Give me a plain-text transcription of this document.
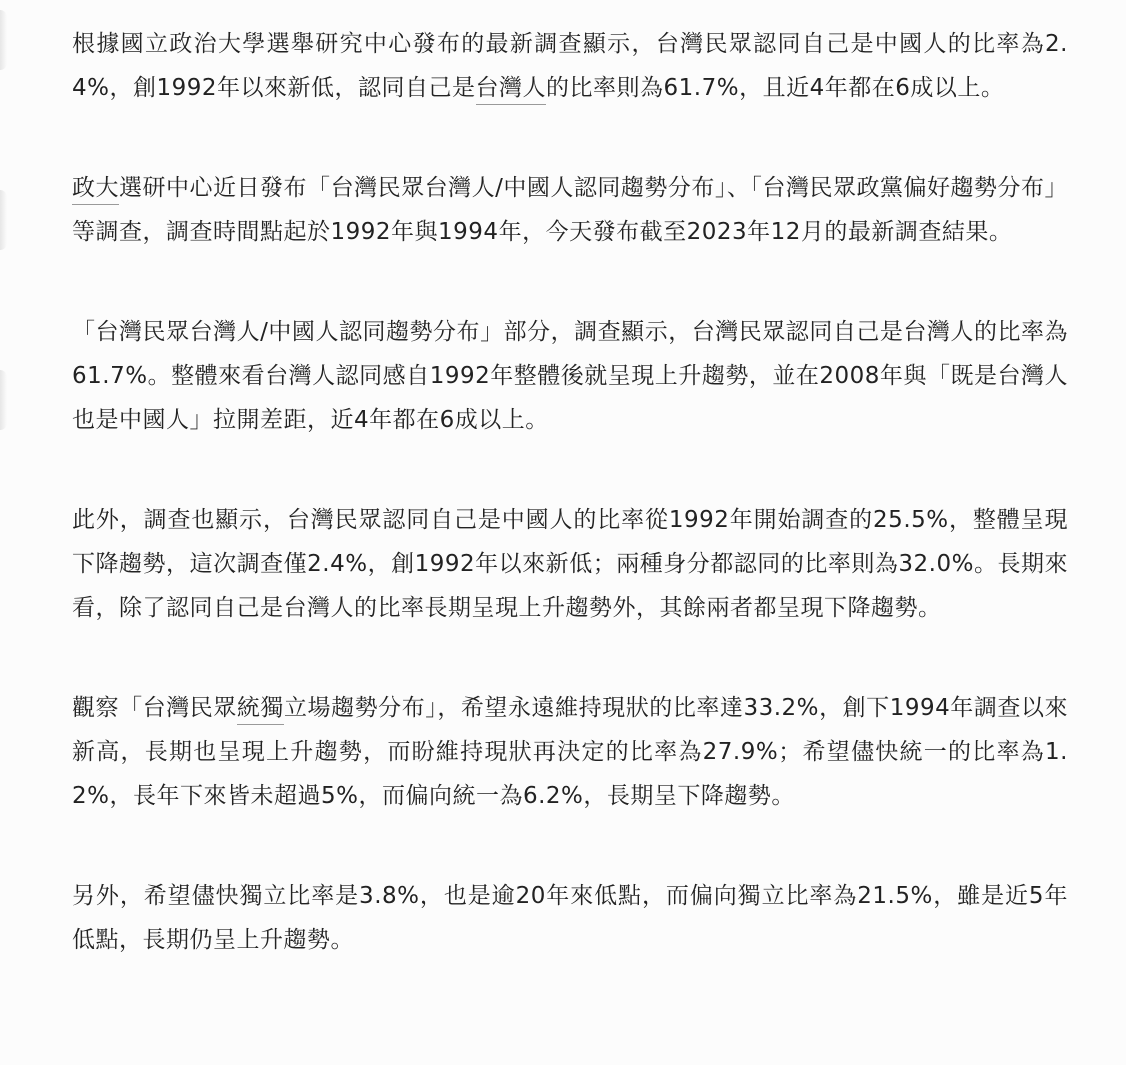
根據國立政治大學選舉研究中心發布的最新調查顯示，台灣民眾認同自己是中國人的比率為2.4%，創1992年以來新低，認同自己是台灣人的比率則為61.7%，且近4年都在6成以上。

政大選研中心近日發布「台灣民眾台灣人/中國人認同趨勢分布」、「台灣民眾政黨偏好趨勢分布」等調查，調查時間點起於1992年與1994年，今天發布截至2023年12月的最新調查結果。

「台灣民眾台灣人/中國人認同趨勢分布」部分，調查顯示，台灣民眾認同自己是台灣人的比率為61.7%。整體來看台灣人認同感自1992年整體後就呈現上升趨勢，並在2008年與「既是台灣人也是中國人」拉開差距，近4年都在6成以上。

此外，調查也顯示，台灣民眾認同自己是中國人的比率從1992年開始調查的25.5%，整體呈現下降趨勢，這次調查僅2.4%，創1992年以來新低；兩種身分都認同的比率則為32.0%。長期來看，除了認同自己是台灣人的比率長期呈現上升趨勢外，其餘兩者都呈現下降趨勢。

觀察「台灣民眾統獨立場趨勢分布」，希望永遠維持現狀的比率達33.2%，創下1994年調查以來新高，長期也呈現上升趨勢，而盼維持現狀再決定的比率為27.9%；希望儘快統一的比率為1.2%，長年下來皆未超過5%，而偏向統一為6.2%，長期呈下降趨勢。

另外，希望儘快獨立比率是3.8%，也是逾20年來低點，而偏向獨立比率為21.5%，雖是近5年低點，長期仍呈上升趨勢。
